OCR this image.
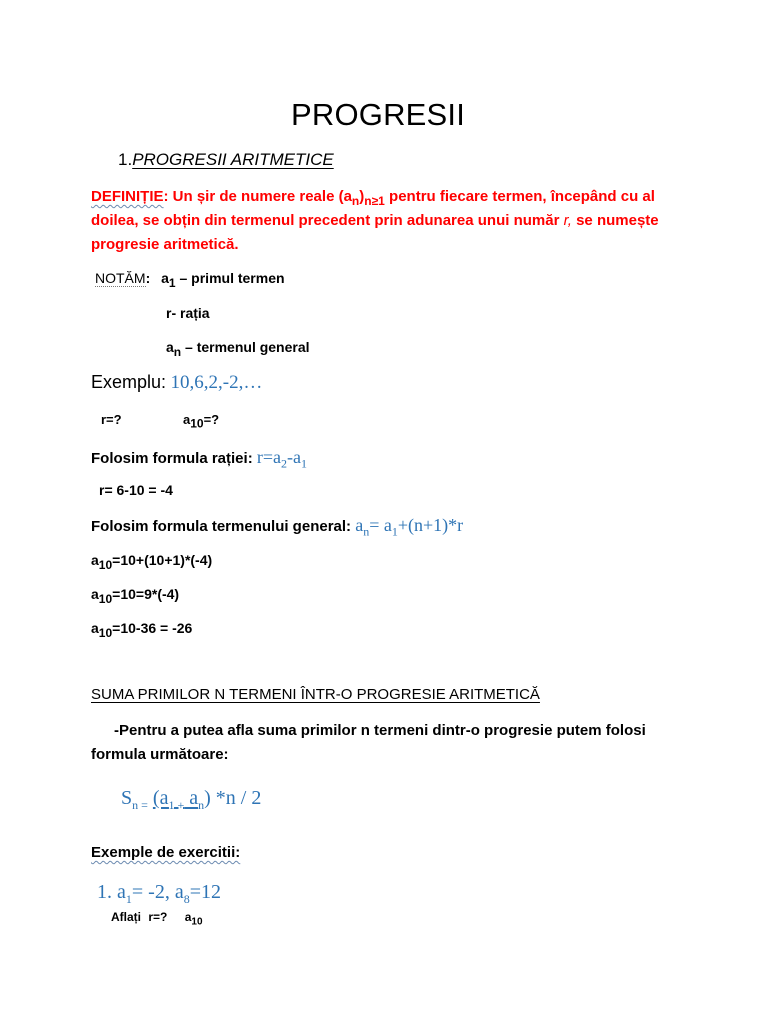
PROGRESII
1.PROGRESII ARITMETICE
DEFINIȚIE: Un șir de numere reale $(a_n)_{n\ge 1}$ pentru fiecare termen, începând cu al
doilea, se obțin din termenul precedent prin adunarea unui număr r, se numește
progresie aritmetică.
NOTĂM: $a_1$ – primul termen
r- rația
$a_n$ – termenul general
Exemplu: 10,6,2,-2,…
r=?	$a_{10}=$?
Folosim formula rației: $r=a_2-a_1$
r= 6-10 = -4
Folosim formula termenului general: $a_n= a_1+(n+1)*r$
$a_{10}=10+(10+1)*(-4)$
$a_{10}=10=9*(-4)$
$a_{10}=10-36 = -26$
SUMA PRIMILOR N TERMENI ÎNTR-O PROGRESIE ARITMETICĂ
-Pentru a putea afla suma primilor n termeni dintr-o progresie putem folosi
formula următoare:
$S_{n =}$ ($a_{1 +}$ $a_n$) *n / 2
Exemple de exercitii:
1. $a_1= -2$, $a_8=12$
Aflați r=? $a_{10}$
